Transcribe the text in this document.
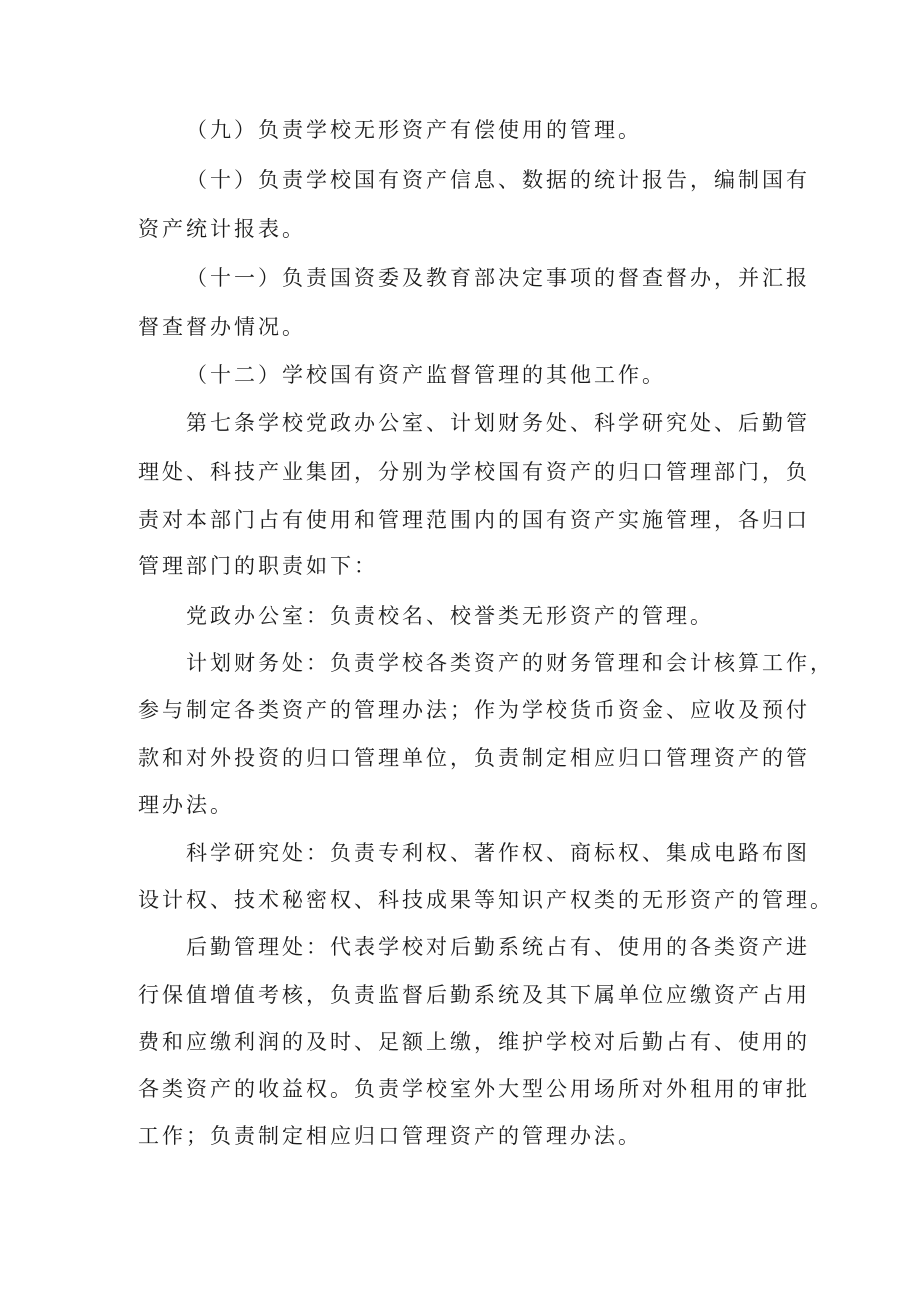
（九）负责学校无形资产有偿使用的管理。
（十）负责学校国有资产信息、数据的统计报告，编制国有
资产统计报表。
（十一）负责国资委及教育部决定事项的督查督办，并汇报
督查督办情况。
（十二）学校国有资产监督管理的其他工作。
第七条学校党政办公室、计划财务处、科学研究处、后勤管
理处、科技产业集团，分别为学校国有资产的归口管理部门，负
责对本部门占有使用和管理范围内的国有资产实施管理，各归口
管理部门的职责如下：
党政办公室：负责校名、校誉类无形资产的管理。
计划财务处：负责学校各类资产的财务管理和会计核算工作，
参与制定各类资产的管理办法；作为学校货币资金、应收及预付
款和对外投资的归口管理单位，负责制定相应归口管理资产的管
理办法。
科学研究处：负责专利权、著作权、商标权、集成电路布图
设计权、技术秘密权、科技成果等知识产权类的无形资产的管理。
后勤管理处：代表学校对后勤系统占有、使用的各类资产进
行保值增值考核，负责监督后勤系统及其下属单位应缴资产占用
费和应缴利润的及时、足额上缴，维护学校对后勤占有、使用的
各类资产的收益权。负责学校室外大型公用场所对外租用的审批
工作；负责制定相应归口管理资产的管理办法。
